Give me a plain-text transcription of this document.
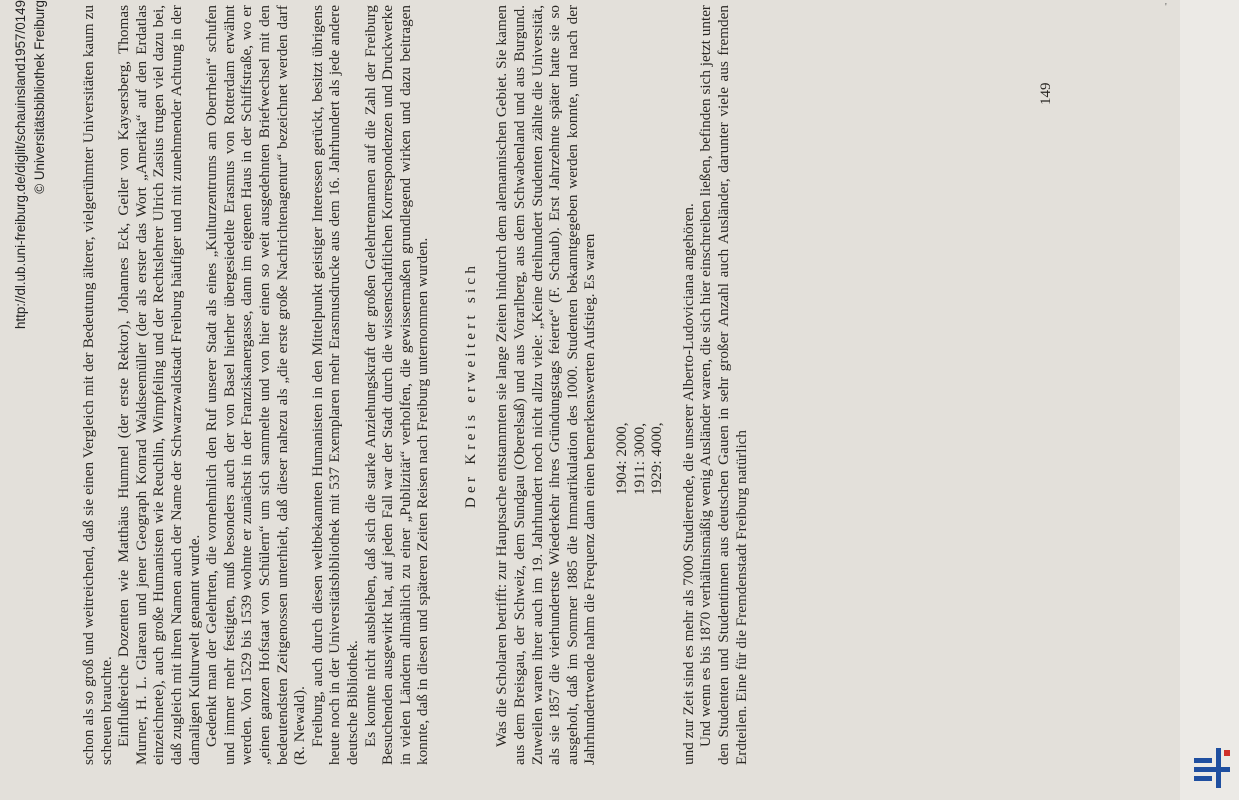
schon als so groß und weitreichend, daß sie einen Vergleich mit der Bedeutung älterer, vielgerühmter Universitäten kaum zu scheuen brauchte. Einflußreiche Dozenten wie Matthäus Hummel (der erste Rektor), Johannes Eck, Geiler von Kaysersberg, Thomas Murner, H. L. Glarean und jener Geograph Konrad Waldseemüller (der als erster das Wort „Amerika“ auf den Erdatlas einzeichnete), auch große Humanisten wie Reuchlin, Wimpfeling und der Rechtslehrer Ulrich Zasius trugen viel dazu bei, daß zugleich mit ihren Namen auch der Name der Schwarzwaldstadt Freiburg häufiger und mit zunehmender Achtung in der damaligen Kulturwelt genannt wurde. Gedenkt man der Gelehrten, die vornehmlich den Ruf unserer Stadt als eines „Kulturzentrums am Oberrhein“ schufen und immer mehr festigten, muß besonders auch der von Basel hierher übergesiedelte Erasmus von Rotterdam erwähnt werden. Von 1529 bis 1539 wohnte er zunächst in der Franziskanergasse, dann im eigenen Haus in der Schiffstraße, wo er „einen ganzen Hofstaat von Schülern“ um sich sammelte und von hier einen so weit ausgedehnten Briefwechsel mit den bedeutendsten Zeitgenossen unterhielt, daß dieser nahezu als „die erste große Nachrichtenagentur“ bezeichnet werden darf (R. Newald). Freiburg, auch durch diesen weltbekannten Humanisten in den Mittelpunkt geistiger Interessen gerückt, besitzt übrigens heute noch in der Universitätsbibliothek mit 537 Exemplaren mehr Erasmusdrucke aus dem 16. Jahrhundert als jede andere deutsche Bibliothek. Es konnte nicht ausbleiben, daß sich die starke Anziehungskraft der großen Gelehrtennamen auf die Zahl der Freiburg Besuchenden ausgewirkt hat, auf jeden Fall war der Stadt durch die wissenschaftlichen Korrespondenzen und Druckwerke in vielen Ländern allmählich zu einer „Publizität“ verholfen, die gewissermaßen grundlegend wirken und dazu beitragen konnte, daß in diesen und späteren Zeiten Reisen nach Freiburg unternommen wurden. Der Kreis erweitert sich Was die Scholaren betrifft: zur Hauptsache entstammten sie lange Zeiten hindurch dem alemannischen Gebiet. Sie kamen aus dem Breisgau, der Schweiz, dem Sundgau (Oberelsaß) und aus Vorarlberg, aus dem Schwabenland und aus Burgund. Zuweilen waren ihrer auch im 19. Jahrhundert noch nicht allzu viele: „Keine dreihundert Studenten zählte die Universität, als sie 1857 die vierhundertste Wiederkehr ihres Gründungstags feierte“ (F. Schaub). Erst Jahrzehnte später hatte sie so ausgeholt, daß im Sommer 1885 die Immatrikulation des 1000. Studenten bekanntgegeben werden konnte, und nach der Jahrhundertwende nahm die Frequenz dann einen bemerkenswerten Aufstieg. Es waren 1904: 2000, 1911: 3000, 1929: 4000, und zur Zeit sind es mehr als 7000 Studierende, die unserer Alberto-Ludoviciana angehören. Und wenn es bis 1870 verhältnismäßig wenig Ausländer waren, die sich hier einschreiben ließen, befinden sich jetzt unter den Studenten und Studentinnen aus deutschen Gauen in sehr großer Anzahl auch Ausländer, darunter viele aus fremden Erdteilen. Eine für die Fremdenstadt Freiburg natürlich

149
'
http://dl.ub.uni-freiburg.de/diglit/schauinsland1957/0149 © Universitätsbibliothek Freiburg
